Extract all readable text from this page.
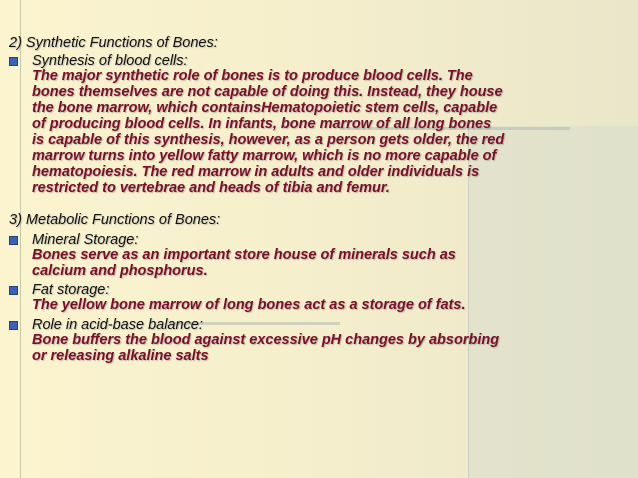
2) Synthetic Functions of Bones:
Synthesis of blood cells:
The major synthetic role of bones is to produce blood cells. The
bones themselves are not capable of doing this. Instead, they house
the bone marrow, which containsHematopoietic stem cells, capable
of producing blood cells. In infants, bone marrow of all long bones
is capable of this synthesis, however, as a person gets older, the red
marrow turns into yellow fatty marrow, which is no more capable of
hematopoiesis. The red marrow in adults and older individuals is
restricted to vertebrae and heads of tibia and femur.
3) Metabolic Functions of Bones:
Mineral Storage:
Bones serve as an important store house of minerals such as
calcium and phosphorus.
Fat storage:
The yellow bone marrow of long bones act as a storage of fats.
Role in acid-base balance:
Bone buffers the blood against excessive pH changes by absorbing
or releasing alkaline salts
